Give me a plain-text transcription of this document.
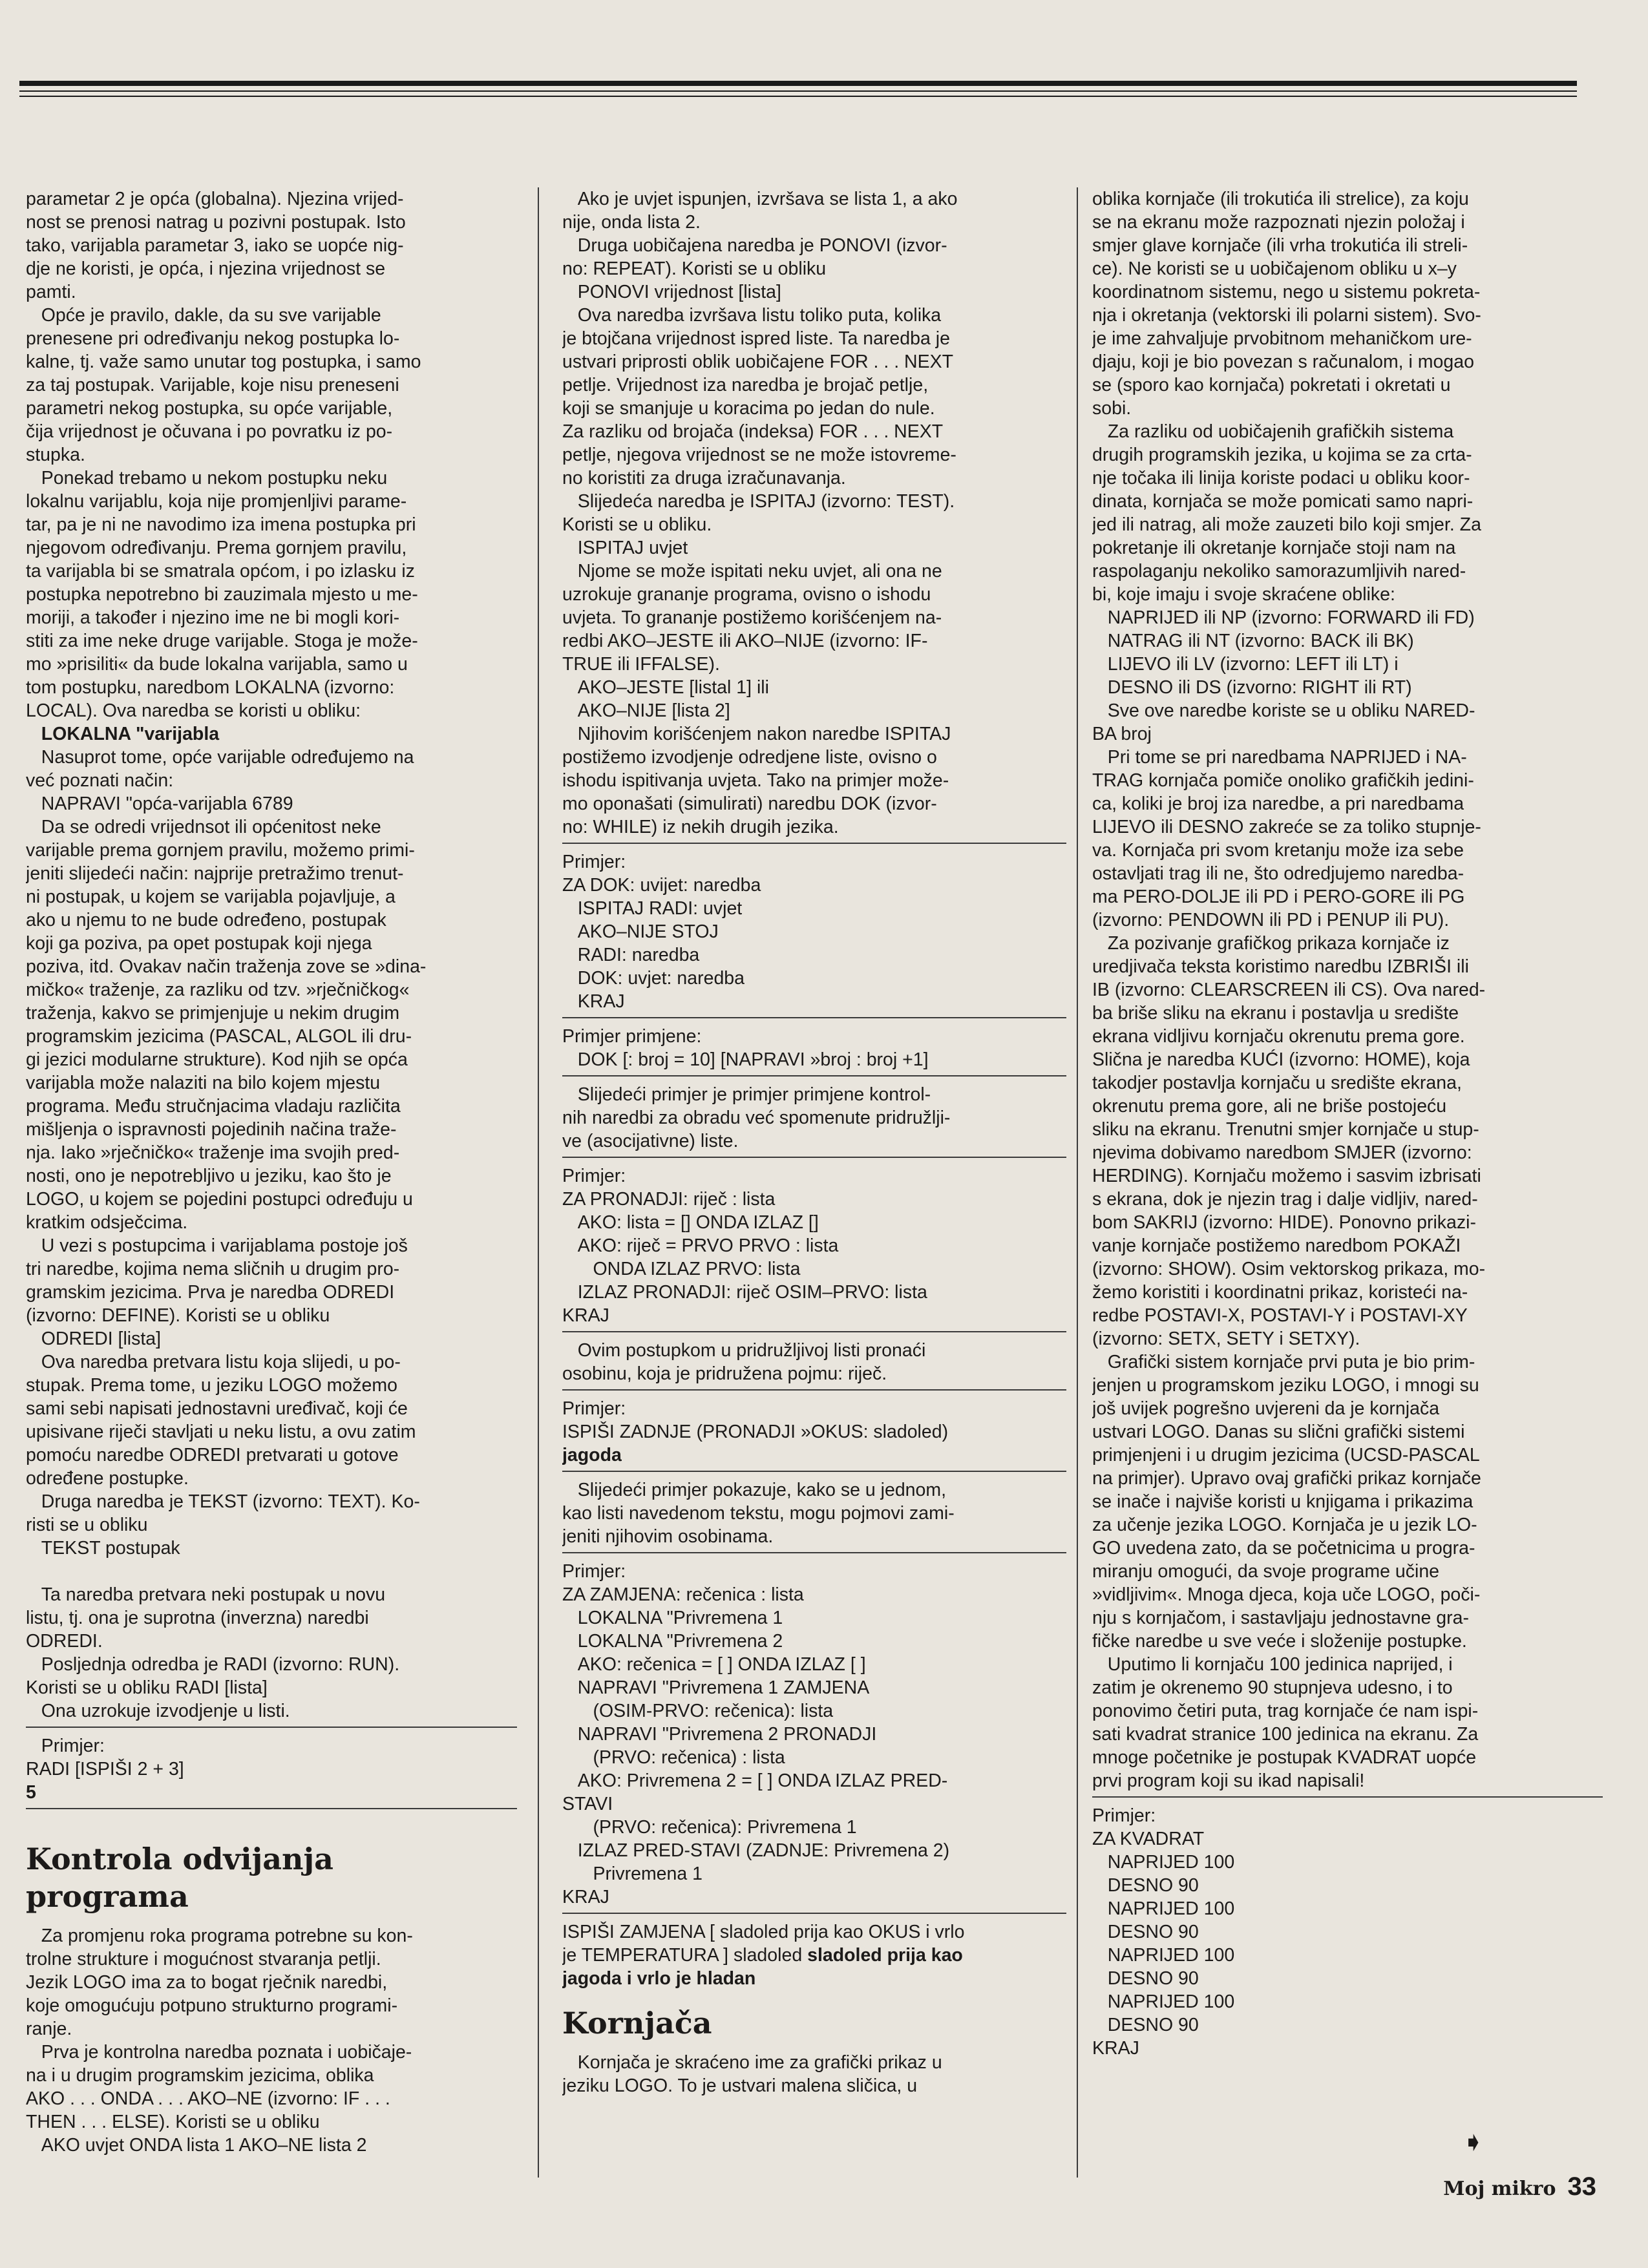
parametar 2 je opća (globalna). Njezina vrijed-
nost se prenosi natrag u pozivni postupak. Isto
tako, varijabla parametar 3, iako se uopće nig-
dje ne koristi, je opća, i njezina vrijednost se
pamti.
Opće je pravilo, dakle, da su sve varijable
prenesene pri određivanju nekog postupka lo-
kalne, tj. važe samo unutar tog postupka, i samo
za taj postupak. Varijable, koje nisu preneseni
parametri nekog postupka, su opće varijable,
čija vrijednost je očuvana i po povratku iz po-
stupka.
Ponekad trebamo u nekom postupku neku
lokalnu varijablu, koja nije promjenljivi parame-
tar, pa je ni ne navodimo iza imena postupka pri
njegovom određivanju. Prema gornjem pravilu,
ta varijabla bi se smatrala općom, i po izlasku iz
postupka nepotrebno bi zauzimala mjesto u me-
moriji, a također i njezino ime ne bi mogli kori-
stiti za ime neke druge varijable. Stoga je može-
mo »prisiliti« da bude lokalna varijabla, samo u
tom postupku, naredbom LOKALNA (izvorno:
LOCAL). Ova naredba se koristi u obliku:
LOKALNA "varijabla
Nasuprot tome, opće varijable određujemo na
već poznati način:
NAPRAVI "opća-varijabla 6789
Da se odredi vrijednsot ili općenitost neke
varijable prema gornjem pravilu, možemo primi-
jeniti slijedeći način: najprije pretražimo trenut-
ni postupak, u kojem se varijabla pojavljuje, a
ako u njemu to ne bude određeno, postupak
koji ga poziva, pa opet postupak koji njega
poziva, itd. Ovakav način traženja zove se »dina-
mičko« traženje, za razliku od tzv. »rječničkog«
traženja, kakvo se primjenjuje u nekim drugim
programskim jezicima (PASCAL, ALGOL ili dru-
gi jezici modularne strukture). Kod njih se opća
varijabla može nalaziti na bilo kojem mjestu
programa. Među stručnjacima vladaju različita
mišljenja o ispravnosti pojedinih načina traže-
nja. Iako »rječničko« traženje ima svojih pred-
nosti, ono je nepotrebljivo u jeziku, kao što je
LOGO, u kojem se pojedini postupci određuju u
kratkim odsječcima.
U vezi s postupcima i varijablama postoje još
tri naredbe, kojima nema sličnih u drugim pro-
gramskim jezicima. Prva je naredba ODREDI
(izvorno: DEFINE). Koristi se u obliku
ODREDI [lista]
Ova naredba pretvara listu koja slijedi, u po-
stupak. Prema tome, u jeziku LOGO možemo
sami sebi napisati jednostavni uređivač, koji će
upisivane riječi stavljati u neku listu, a ovu zatim
pomoću naredbe ODREDI pretvarati u gotove
određene postupke.
Druga naredba je TEKST (izvorno: TEXT). Ko-
risti se u obliku
TEKST postupak

Ta naredba pretvara neki postupak u novu
listu, tj. ona je suprotna (inverzna) naredbi
ODREDI.
Posljednja odredba je RADI (izvorno: RUN).
Koristi se u obliku RADI [lista]
Ona uzrokuje izvodjenje u listi.
Primjer:
RADI [ISPIŠI 2 + 3]
5
Kontrola odvijanja
programa
Za promjenu roka programa potrebne su kon-
trolne strukture i mogućnost stvaranja petlji.
Jezik LOGO ima za to bogat rječnik naredbi,
koje omogućuju potpuno strukturno programi-
ranje.
Prva je kontrolna naredba poznata i uobičaje-
na i u drugim programskim jezicima, oblika
AKO . . . ONDA . . . AKO–NE (izvorno: IF . . .
THEN . . . ELSE). Koristi se u obliku
AKO uvjet ONDA lista 1 AKO–NE lista 2
Ako je uvjet ispunjen, izvršava se lista 1, a ako
nije, onda lista 2.
Druga uobičajena naredba je PONOVI (izvor-
no: REPEAT). Koristi se u obliku
PONOVI vrijednost [lista]
Ova naredba izvršava listu toliko puta, kolika
je btojčana vrijednost ispred liste. Ta naredba je
ustvari priprosti oblik uobičajene FOR . . . NEXT
petlje. Vrijednost iza naredba je brojač petlje,
koji se smanjuje u koracima po jedan do nule.
Za razliku od brojača (indeksa) FOR . . . NEXT
petlje, njegova vrijednost se ne može istovreme-
no koristiti za druga izračunavanja.
Slijedeća naredba je ISPITAJ (izvorno: TEST).
Koristi se u obliku.
ISPITAJ uvjet
Njome se može ispitati neku uvjet, ali ona ne
uzrokuje grananje programa, ovisno o ishodu
uvjeta. To grananje postižemo korišćenjem na-
redbi AKO–JESTE ili AKO–NIJE (izvorno: IF-
TRUE ili IFFALSE).
AKO–JESTE [listal 1] ili
AKO–NIJE [lista 2]
Njihovim korišćenjem nakon naredbe ISPITAJ
postižemo izvodjenje odredjene liste, ovisno o
ishodu ispitivanja uvjeta. Tako na primjer može-
mo oponašati (simulirati) naredbu DOK (izvor-
no: WHILE) iz nekih drugih jezika.
Primjer:
ZA DOK: uvijet: naredba
ISPITAJ RADI: uvjet
AKO–NIJE STOJ
RADI: naredba
DOK: uvjet: naredba
KRAJ
Primjer primjene:
DOK [: broj = 10] [NAPRAVI »broj : broj +1]
Slijedeći primjer je primjer primjene kontrol-
nih naredbi za obradu već spomenute pridružlji-
ve (asocijativne) liste.
Primjer:
ZA PRONADJI: riječ : lista
AKO: lista = [] ONDA IZLAZ []
AKO: riječ = PRVO PRVO : lista
ONDA IZLAZ PRVO: lista
IZLAZ PRONADJI: riječ OSIM–PRVO: lista
KRAJ
Ovim postupkom u pridružljivoj listi pronaći
osobinu, koja je pridružena pojmu: riječ.
Primjer:
ISPIŠI ZADNJE (PRONADJI »OKUS: sladoled)
jagoda
Slijedeći primjer pokazuje, kako se u jednom,
kao listi navedenom tekstu, mogu pojmovi zami-
jeniti njihovim osobinama.
Primjer:
ZA ZAMJENA: rečenica : lista
LOKALNA "Privremena 1
LOKALNA "Privremena 2
AKO: rečenica = [ ] ONDA IZLAZ [ ]
NAPRAVI "Privremena 1 ZAMJENA
(OSIM-PRVO: rečenica): lista
NAPRAVI "Privremena 2 PRONADJI
(PRVO: rečenica) : lista
AKO: Privremena 2 = [ ] ONDA IZLAZ PRED-
STAVI
(PRVO: rečenica): Privremena 1
IZLAZ PRED-STAVI (ZADNJE: Privremena 2)
Privremena 1
KRAJ
ISPIŠI ZAMJENA [ sladoled prija kao OKUS i vrlo
je TEMPERATURA ] sladoled sladoled prija kao
jagoda i vrlo je hladan
Kornjača
Kornjača je skraćeno ime za grafički prikaz u
jeziku LOGO. To je ustvari malena sličica, u
oblika kornjače (ili trokutića ili strelice), za koju
se na ekranu može razpoznati njezin položaj i
smjer glave kornjače (ili vrha trokutića ili streli-
ce). Ne koristi se u uobičajenom obliku u x–y
koordinatnom sistemu, nego u sistemu pokreta-
nja i okretanja (vektorski ili polarni sistem). Svo-
je ime zahvaljuje prvobitnom mehaničkom ure-
djaju, koji je bio povezan s računalom, i mogao
se (sporo kao kornjača) pokretati i okretati u
sobi.
Za razliku od uobičajenih grafičkih sistema
drugih programskih jezika, u kojima se za crta-
nje točaka ili linija koriste podaci u obliku koor-
dinata, kornjača se može pomicati samo napri-
jed ili natrag, ali može zauzeti bilo koji smjer. Za
pokretanje ili okretanje kornjače stoji nam na
raspolaganju nekoliko samorazumljivih nared-
bi, koje imaju i svoje skraćene oblike:
NAPRIJED ili NP (izvorno: FORWARD ili FD)
NATRAG ili NT (izvorno: BACK ili BK)
LIJEVO ili LV (izvorno: LEFT ili LT) i
DESNO ili DS (izvorno: RIGHT ili RT)
Sve ove naredbe koriste se u obliku NARED-
BA broj
Pri tome se pri naredbama NAPRIJED i NA-
TRAG kornjača pomiče onoliko grafičkih jedini-
ca, koliki je broj iza naredbe, a pri naredbama
LIJEVO ili DESNO zakreće se za toliko stupnje-
va. Kornjača pri svom kretanju može iza sebe
ostavljati trag ili ne, što odredjujemo naredba-
ma PERO-DOLJE ili PD i PERO-GORE ili PG
(izvorno: PENDOWN ili PD i PENUP ili PU).
Za pozivanje grafičkog prikaza kornjače iz
uredjivača teksta koristimo naredbu IZBRIŠI ili
IB (izvorno: CLEARSCREEN ili CS). Ova nared-
ba briše sliku na ekranu i postavlja u središte
ekrana vidljivu kornjaču okrenutu prema gore.
Slična je naredba KUĆI (izvorno: HOME), koja
takodjer postavlja kornjaču u središte ekrana,
okrenutu prema gore, ali ne briše postojeću
sliku na ekranu. Trenutni smjer kornjače u stup-
njevima dobivamo naredbom SMJER (izvorno:
HERDING). Kornjaču možemo i sasvim izbrisati
s ekrana, dok je njezin trag i dalje vidljiv, nared-
bom SAKRIJ (izvorno: HIDE). Ponovno prikazi-
vanje kornjače postižemo naredbom POKAŽI
(izvorno: SHOW). Osim vektorskog prikaza, mo-
žemo koristiti i koordinatni prikaz, koristeći na-
redbe POSTAVI-X, POSTAVI-Y i POSTAVI-XY
(izvorno: SETX, SETY i SETXY).
Grafički sistem kornjače prvi puta je bio prim-
jenjen u programskom jeziku LOGO, i mnogi su
još uvijek pogrešno uvjereni da je kornjača
ustvari LOGO. Danas su slični grafički sistemi
primjenjeni i u drugim jezicima (UCSD-PASCAL
na primjer). Upravo ovaj grafički prikaz kornjače
se inače i najviše koristi u knjigama i prikazima
za učenje jezika LOGO. Kornjača je u jezik LO-
GO uvedena zato, da se početnicima u progra-
miranju omogući, da svoje programe učine
»vidljivim«. Mnoga djeca, koja uče LOGO, poči-
nju s kornjačom, i sastavljaju jednostavne gra-
fičke naredbe u sve veće i složenije postupke.
Uputimo li kornjaču 100 jedinica naprijed, i
zatim je okrenemo 90 stupnjeva udesno, i to
ponovimo četiri puta, trag kornjače će nam ispi-
sati kvadrat stranice 100 jedinica na ekranu. Za
mnoge početnike je postupak KVADRAT uopće
prvi program koji su ikad napisali!
Primjer:
ZA KVADRAT
NAPRIJED 100
DESNO 90
NAPRIJED 100
DESNO 90
NAPRIJED 100
DESNO 90
NAPRIJED 100
DESNO 90
KRAJ
➧
Moj mikro 33
